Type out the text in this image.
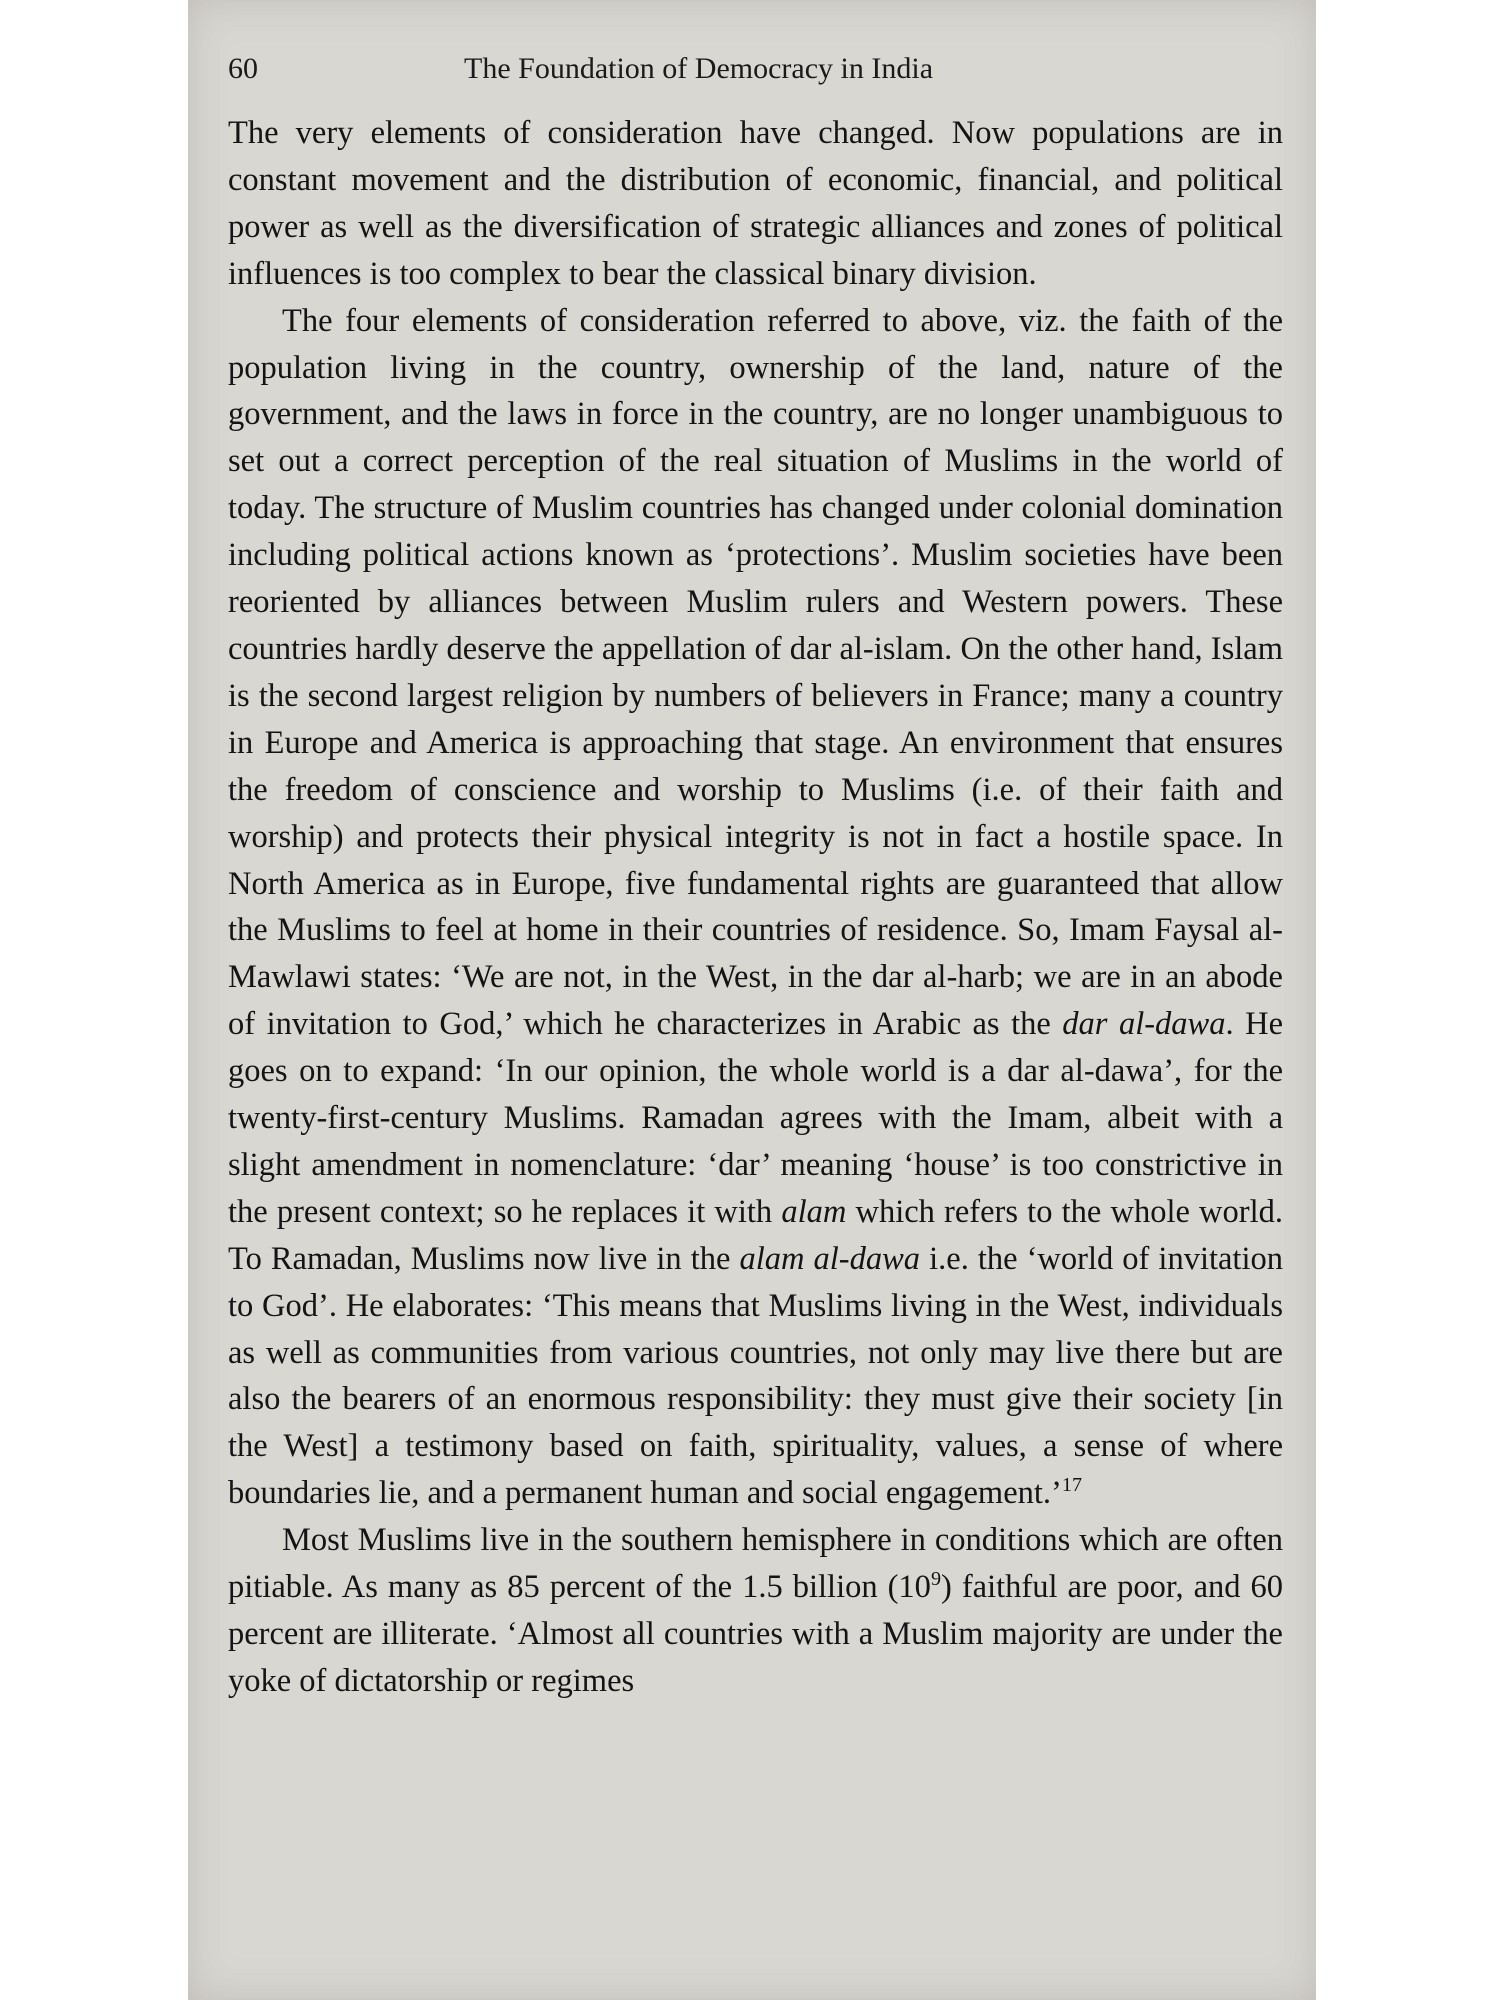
60	The Foundation of Democracy in India

The very elements of consideration have changed. Now populations are in constant movement and the distribution of economic, financial, and political power as well as the diversification of strategic alliances and zones of political influences is too complex to bear the classical binary division.

The four elements of consideration referred to above, viz. the faith of the population living in the country, ownership of the land, nature of the government, and the laws in force in the country, are no longer unambiguous to set out a correct perception of the real situation of Muslims in the world of today. The structure of Muslim countries has changed under colonial domination including political actions known as ‘protections’. Muslim societies have been reoriented by alliances between Muslim rulers and Western powers. These countries hardly deserve the appellation of dar al-islam. On the other hand, Islam is the second largest religion by numbers of believers in France; many a country in Europe and America is approaching that stage. An environment that ensures the freedom of conscience and worship to Muslims (i.e. of their faith and worship) and protects their physical integrity is not in fact a hostile space. In North America as in Europe, five fundamental rights are guaranteed that allow the Muslims to feel at home in their countries of residence. So, Imam Faysal al-Mawlawi states: ‘We are not, in the West, in the dar al-harb; we are in an abode of invitation to God,’ which he characterizes in Arabic as the dar al-dawa. He goes on to expand: ‘In our opinion, the whole world is a dar al-dawa’, for the twenty-first-century Muslims. Ramadan agrees with the Imam, albeit with a slight amendment in nomenclature: ‘dar’ meaning ‘house’ is too constrictive in the present context; so he replaces it with alam which refers to the whole world. To Ramadan, Muslims now live in the alam al-dawa i.e. the ‘world of invitation to God’. He elaborates: ‘This means that Muslims living in the West, individuals as well as communities from various countries, not only may live there but are also the bearers of an enormous responsibility: they must give their society [in the West] a testimony based on faith, spirituality, values, a sense of where boundaries lie, and a permanent human and social engagement.’$^{17}$

Most Muslims live in the southern hemisphere in conditions which are often pitiable. As many as 85 percent of the 1.5 billion $(10^9)$ faithful are poor, and 60 percent are illiterate. ‘Almost all countries with a Muslim majority are under the yoke of dictatorship or regimes
